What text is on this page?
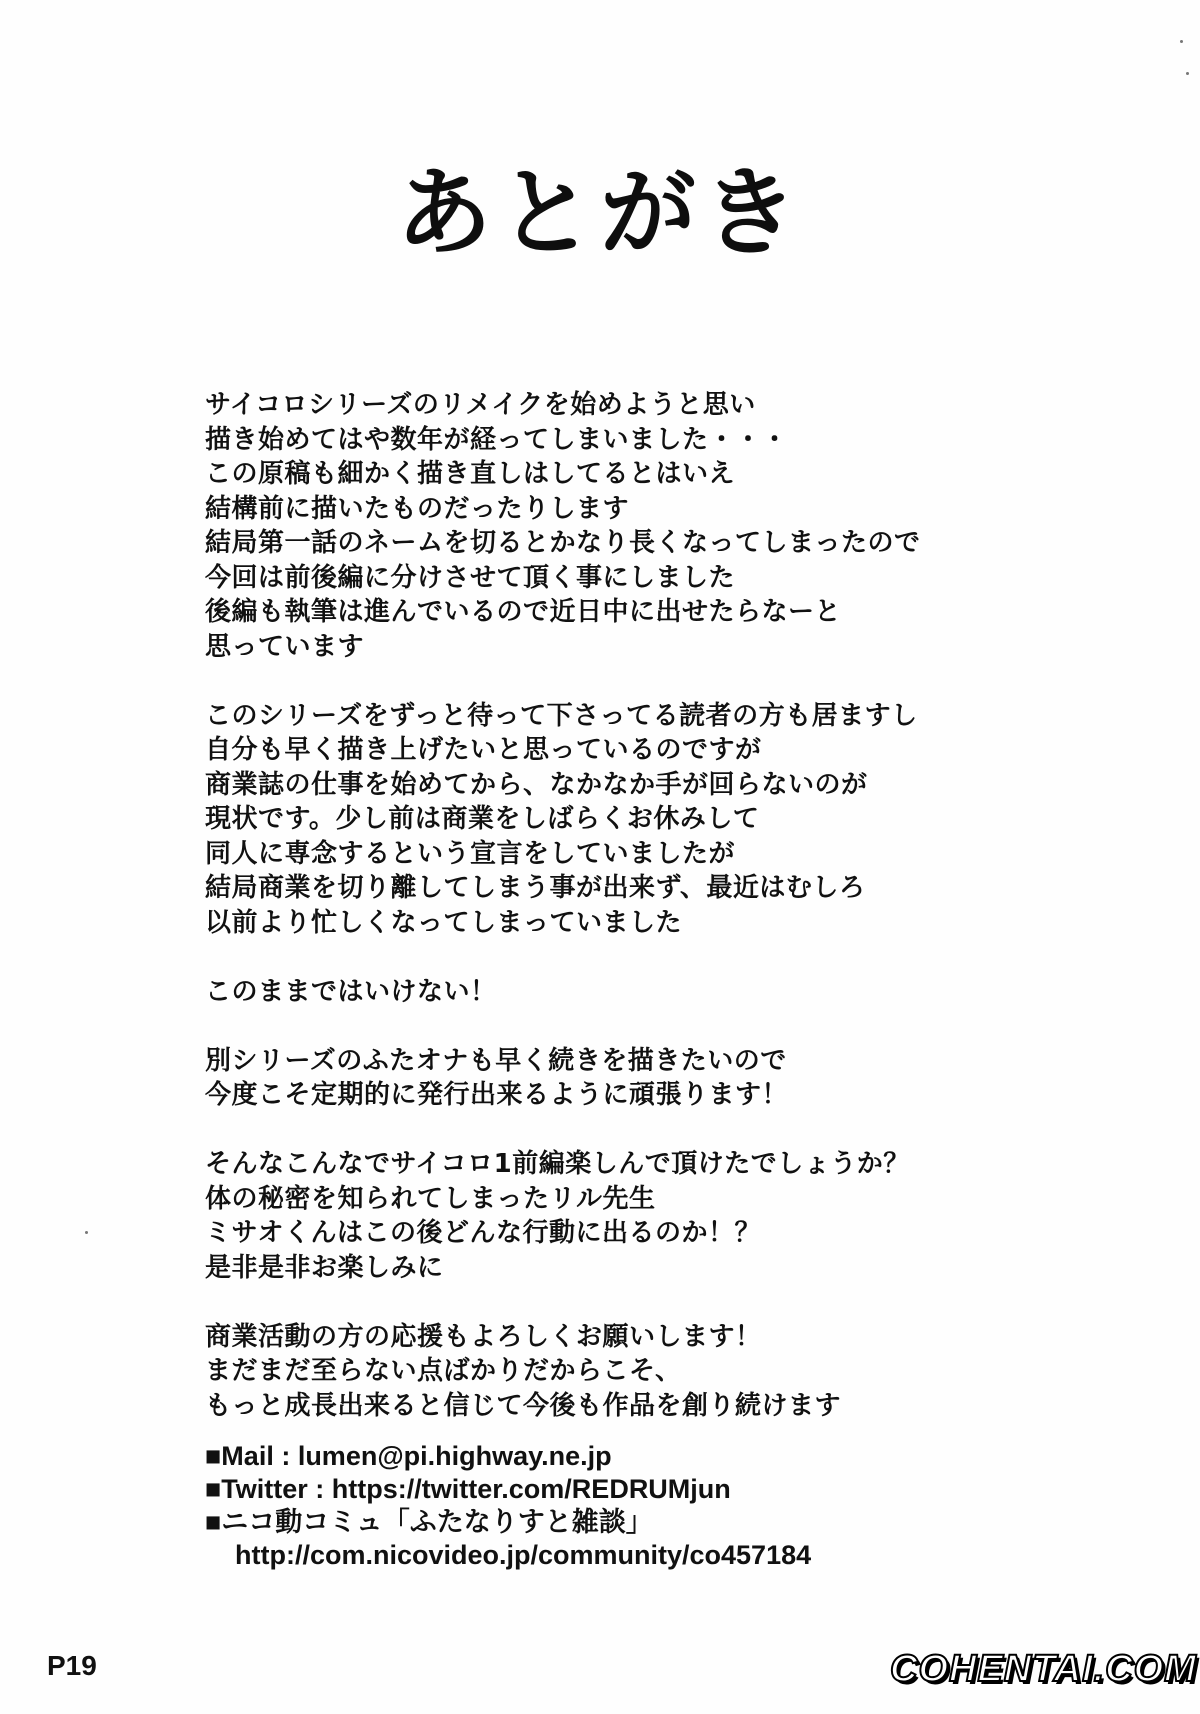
あとがき
サイコロシリーズのリメイクを始めようと思い
描き始めてはや数年が経ってしまいました・・・
この原稿も細かく描き直しはしてるとはいえ
結構前に描いたものだったりします
結局第一話のネームを切るとかなり長くなってしまったので
今回は前後編に分けさせて頂く事にしました
後編も執筆は進んでいるので近日中に出せたらなーと
思っています
このシリーズをずっと待って下さってる読者の方も居ますし
自分も早く描き上げたいと思っているのですが
商業誌の仕事を始めてから、なかなか手が回らないのが
現状です。少し前は商業をしばらくお休みして
同人に専念するという宣言をしていましたが
結局商業を切り離してしまう事が出来ず、最近はむしろ
以前より忙しくなってしまっていました
このままではいけない！
別シリーズのふたオナも早く続きを描きたいので
今度こそ定期的に発行出来るように頑張ります！
そんなこんなでサイコロ1前編楽しんで頂けたでしょうか？
体の秘密を知られてしまったリル先生
ミサオくんはこの後どんな行動に出るのか！？
是非是非お楽しみに
商業活動の方の応援もよろしくお願いします！
まだまだ至らない点ばかりだからこそ、
もっと成長出来ると信じて今後も作品を創り続けます
■Mail : lumen@pi.highway.ne.jp
■Twitter : https://twitter.com/REDRUMjun
■ニコ動コミュ「ふたなりすと雑談」
http://com.nicovideo.jp/community/co457184
P19	COHENTAI.COM
